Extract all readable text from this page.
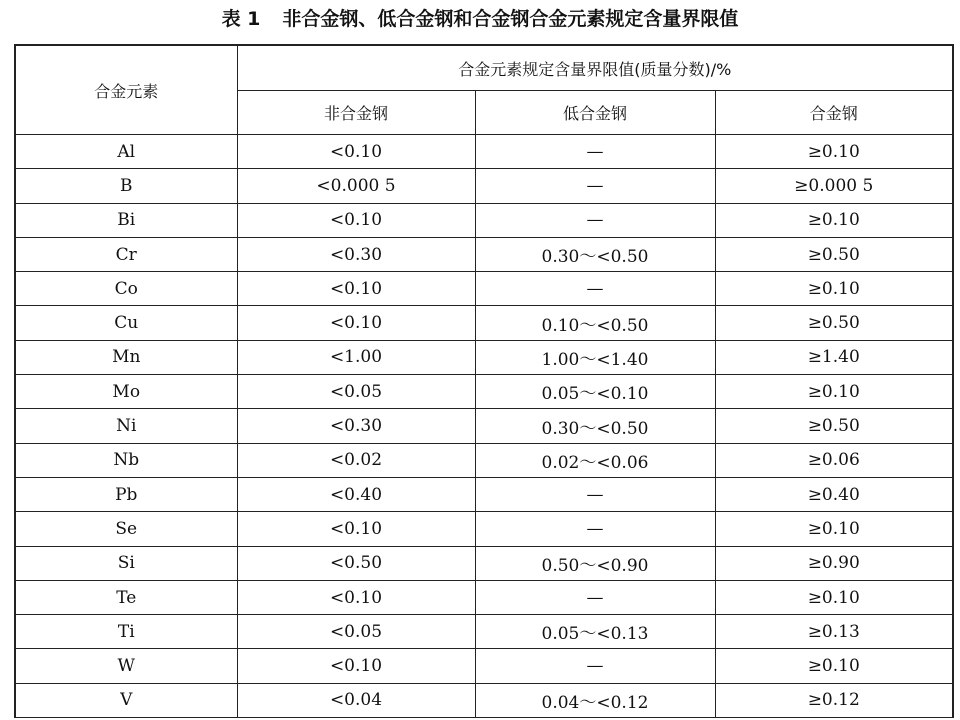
表 1 非合金钢、低合金钢和合金钢合金元素规定含量界限值
合金元素	合金元素规定含量界限值(质量分数)/%		
	非合金钢	低合金钢	合金钢
Al	<0.10	—	≥0.10
B	<0.000 5	—	≥0.000 5
Bi	<0.10	—	≥0.10
Cr	<0.30	0.30～<0.50	≥0.50
Co	<0.10	—	≥0.10
Cu	<0.10	0.10～<0.50	≥0.50
Mn	<1.00	1.00～<1.40	≥1.40
Mo	<0.05	0.05～<0.10	≥0.10
Ni	<0.30	0.30～<0.50	≥0.50
Nb	<0.02	0.02～<0.06	≥0.06
Pb	<0.40	—	≥0.40
Se	<0.10	—	≥0.10
Si	<0.50	0.50～<0.90	≥0.90
Te	<0.10	—	≥0.10
Ti	<0.05	0.05～<0.13	≥0.13
W	<0.10	—	≥0.10
V	<0.04	0.04～<0.12	≥0.12
